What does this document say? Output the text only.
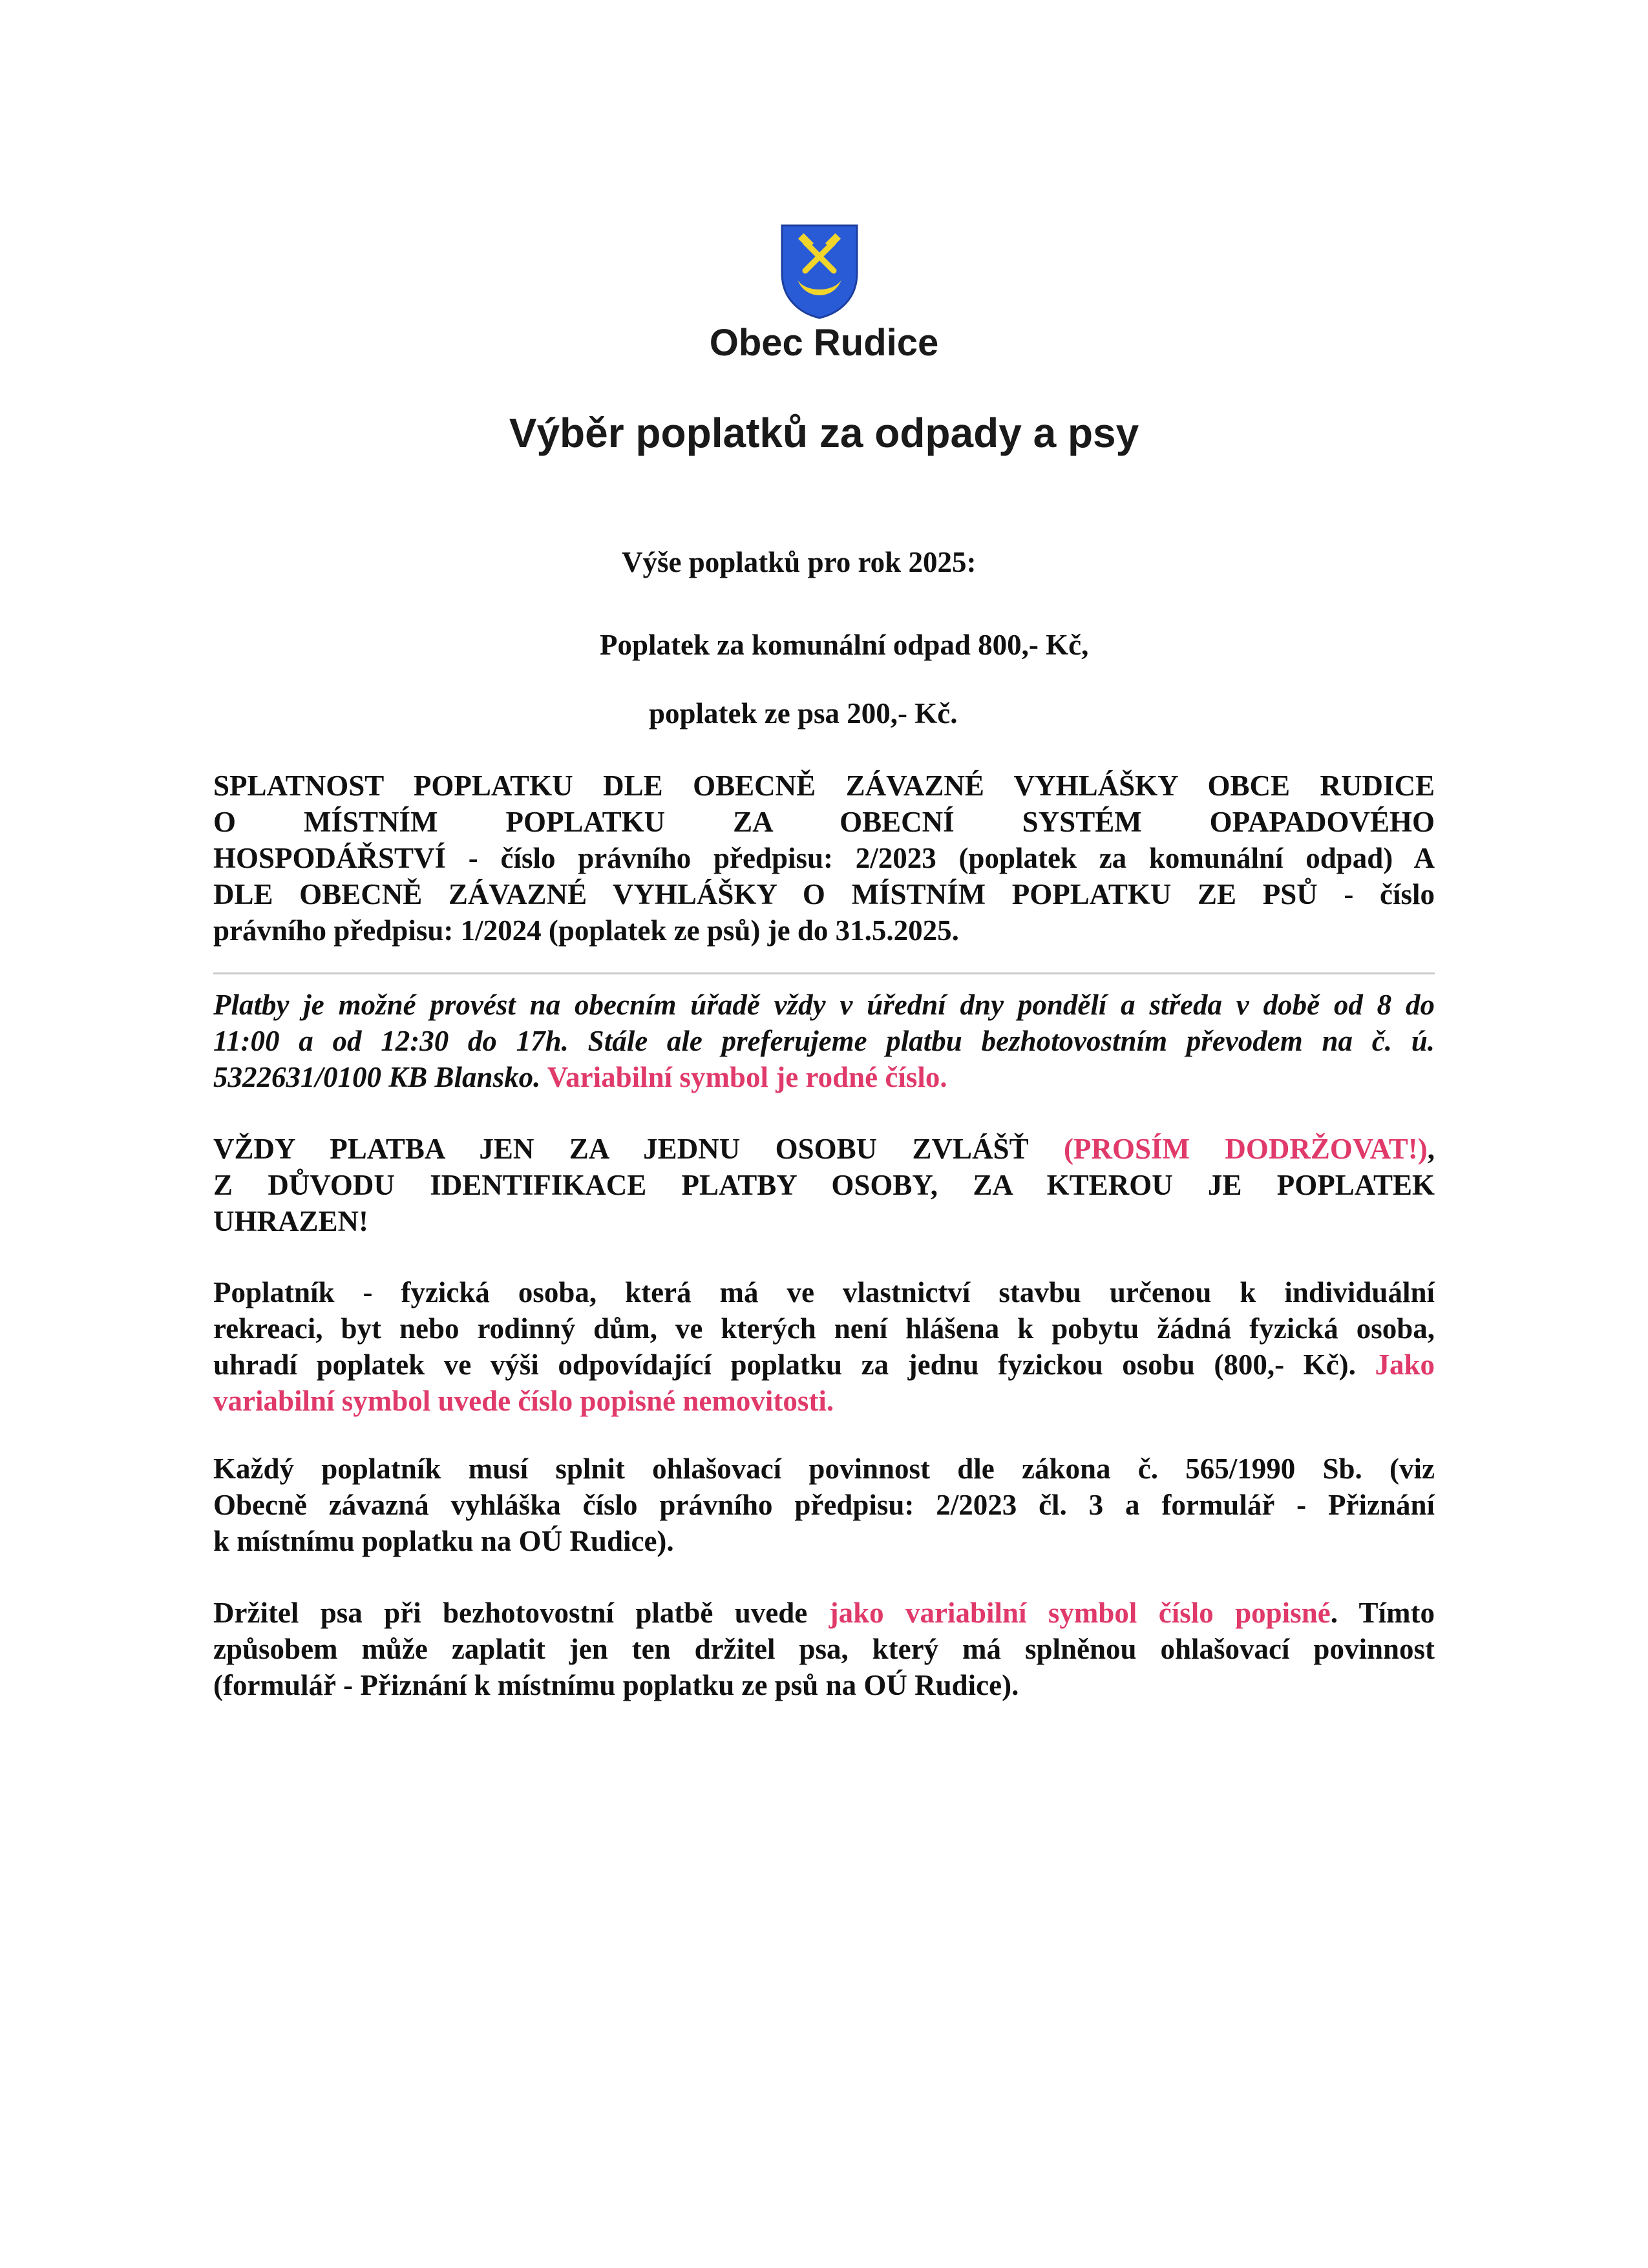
Obec Rudice
Výběr poplatků za odpady a psy
Výše poplatků pro rok 2025:
Poplatek za komunální odpad 800,- Kč,
poplatek ze psa 200,- Kč.
SPLATNOST POPLATKU DLE OBECNĚ ZÁVAZNÉ VYHLÁŠKY OBCE RUDICE
O MÍSTNÍM POPLATKU ZA OBECNÍ SYSTÉM OPAPADOVÉHO
HOSPODÁŘSTVÍ - číslo právního předpisu: 2/2023 (poplatek za komunální odpad) A
DLE OBECNĚ ZÁVAZNÉ VYHLÁŠKY O MÍSTNÍM POPLATKU ZE PSŮ - číslo
právního předpisu: 1/2024 (poplatek ze psů) je do 31.5.2025.
Platby je možné provést na obecním úřadě vždy v úřední dny pondělí a středa v době od 8 do
11:00 a od 12:30 do 17h. Stále ale preferujeme platbu bezhotovostním převodem na č. ú.
5322631/0100 KB Blansko. Variabilní symbol je rodné číslo.
VŽDY PLATBA JEN ZA JEDNU OSOBU ZVLÁŠŤ (PROSÍM DODRŽOVAT!),
Z DŮVODU IDENTIFIKACE PLATBY OSOBY, ZA KTEROU JE POPLATEK
UHRAZEN!
Poplatník - fyzická osoba, která má ve vlastnictví stavbu určenou k individuální
rekreaci, byt nebo rodinný dům, ve kterých není hlášena k pobytu žádná fyzická osoba,
uhradí poplatek ve výši odpovídající poplatku za jednu fyzickou osobu (800,- Kč). Jako
variabilní symbol uvede číslo popisné nemovitosti.
Každý poplatník musí splnit ohlašovací povinnost dle zákona č. 565/1990 Sb. (viz
Obecně závazná vyhláška číslo právního předpisu: 2/2023 čl. 3 a formulář - Přiznání
k místnímu poplatku na OÚ Rudice).
Držitel psa při bezhotovostní platbě uvede jako variabilní symbol číslo popisné. Tímto
způsobem může zaplatit jen ten držitel psa, který má splněnou ohlašovací povinnost
(formulář - Přiznání k místnímu poplatku ze psů na OÚ Rudice).
